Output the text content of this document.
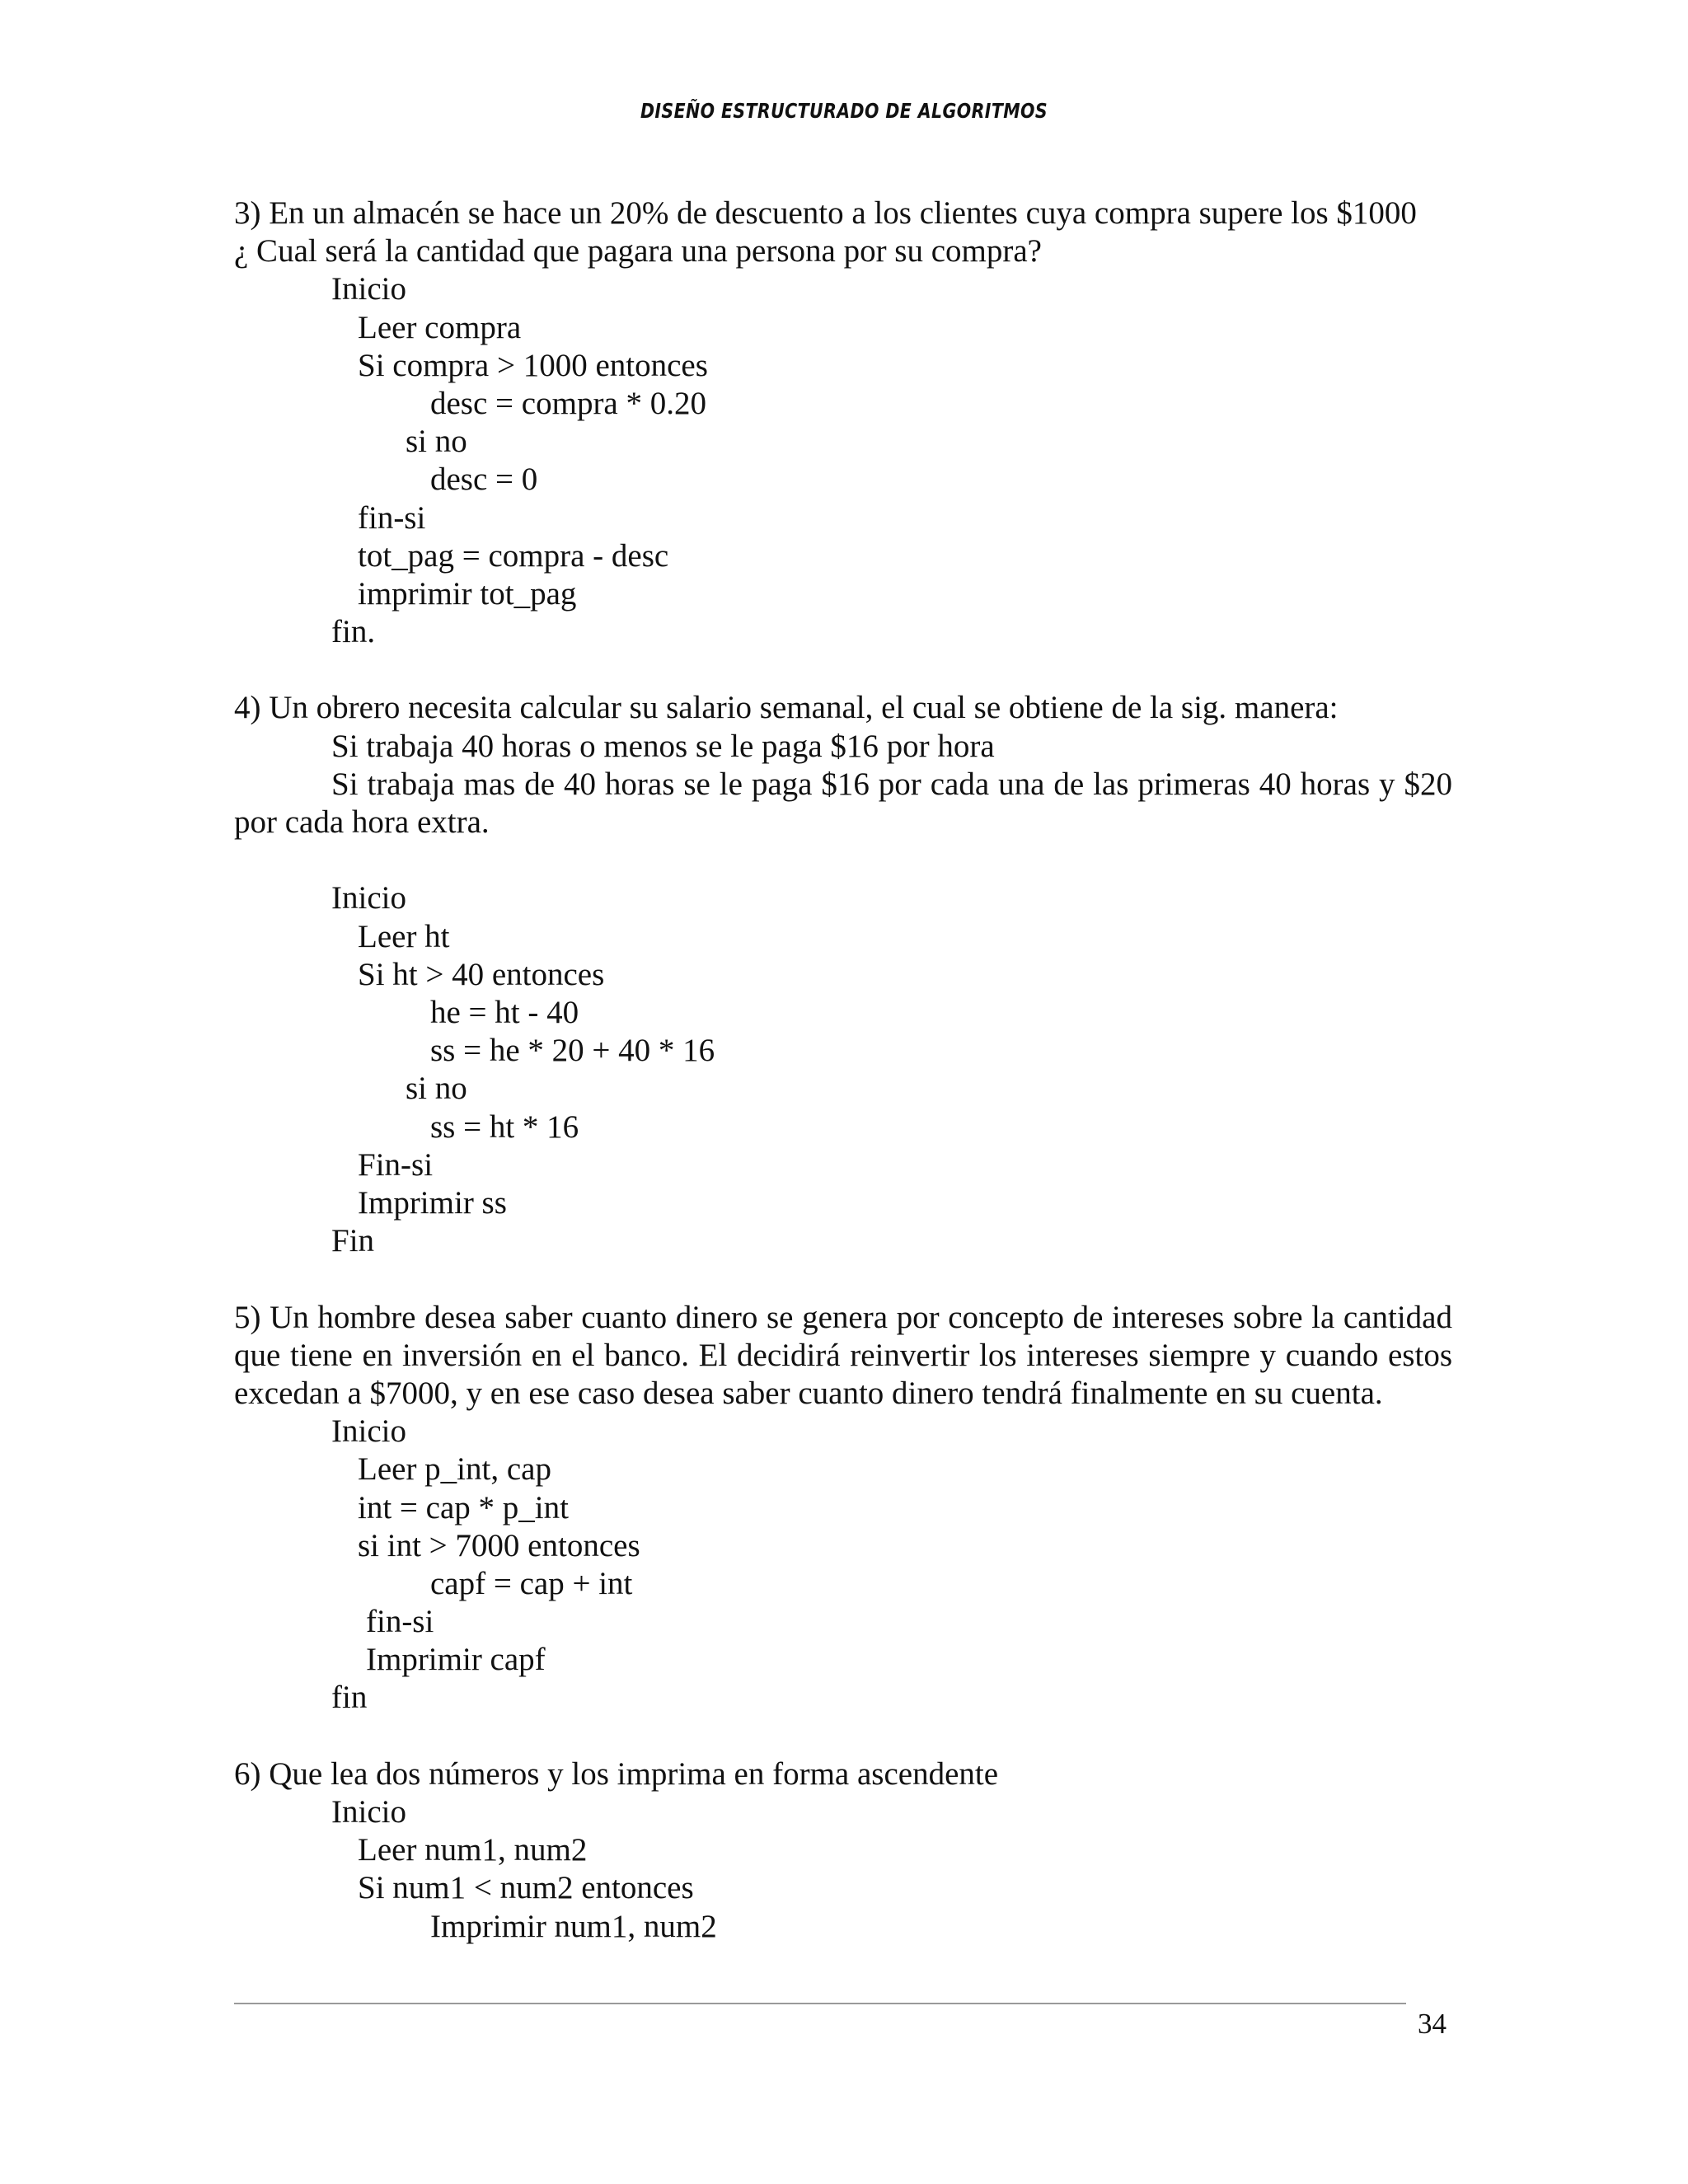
DISEÑO ESTRUCTURADO DE ALGORITMOS

3) En un almacén se hace un 20% de descuento a los clientes cuya compra supere los $1000

¿ Cual será la cantidad que pagara una persona por su compra?

Inicio
Leer compra
Si compra > 1000 entonces
desc = compra * 0.20
si no
desc = 0
fin-si
tot_pag = compra - desc
imprimir tot_pag
fin.

4) Un obrero necesita calcular su salario semanal, el cual se obtiene de la sig. manera:

Si trabaja 40 horas o menos se le paga $16 por hora

Si trabaja mas de 40 horas se le paga $16 por cada una de las primeras 40 horas y $20 por cada hora extra.

Inicio
Leer ht
Si ht > 40 entonces
he = ht - 40
ss = he * 20 + 40 * 16
si no
ss = ht * 16
Fin-si
Imprimir ss
Fin

5) Un hombre desea saber cuanto dinero se genera por concepto de intereses sobre la cantidad que tiene en inversión en el banco. El decidirá reinvertir los intereses siempre y cuando estos excedan a $7000, y en ese caso desea saber cuanto dinero tendrá finalmente en su cuenta.

Inicio
Leer p_int, cap
int = cap * p_int
si int > 7000 entonces
capf = cap + int
fin-si
Imprimir capf
fin

6) Que lea dos números y los imprima en forma ascendente

Inicio
Leer num1, num2
Si num1 < num2 entonces
Imprimir num1, num2
34
